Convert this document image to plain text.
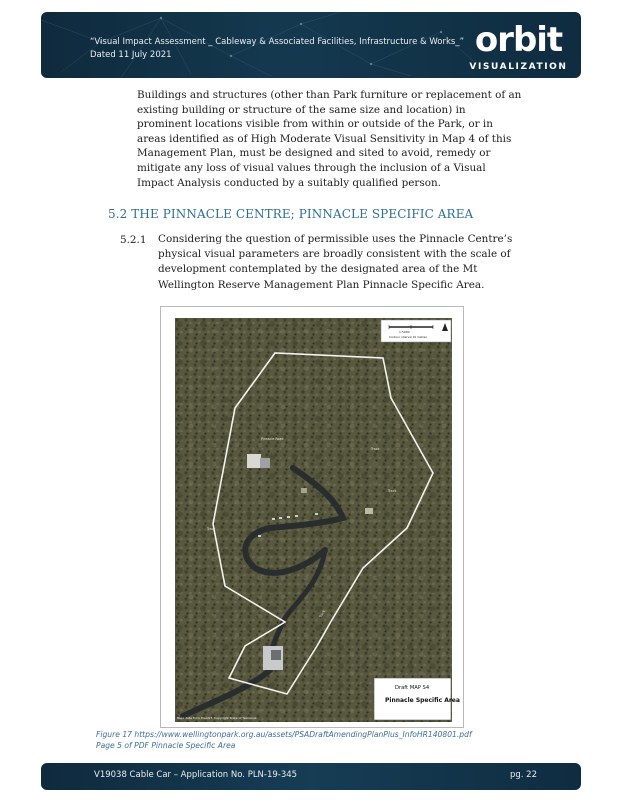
“Visual Impact Assessment _ Cableway & Associated Facilities, Infrastructure & Works_”
Dated 11 July 2021	orbit
VISUALIZATION
Buildings and structures (other than Park furniture or replacement of an existing building or structure of the same size and location) in prominent locations visible from within or outside of the Park, or in areas identified as of High Moderate Visual Sensitivity in Map 4 of this Management Plan, must be designed and sited to avoid, remedy or mitigate any loss of visual values through the inclusion of a Visual Impact Analysis conducted by a suitably qualified person.
5.2 THE PINNACLE CENTRE; PINNACLE SPECIFIC AREA
5.2.1 Considering the question of permissible uses the Pinnacle Centre’s physical visual parameters are broadly consistent with the scale of development contemplated by the designated area of the Mt Wellington Reserve Management Plan Pinnacle Specific Area.
Pinnacle Road
Track
Track
Track
Track
1:5000
Contour interval 10 metres
Draft MAP S4
Pinnacle Specific Area
Base data from theLIST, Copyright State of Tasmania
Figure 17 https://www.wellingtonpark.org.au/assets/PSADraftAmendingPlanPlus_InfoHR140801.pdf
Page 5 of PDF Pinnacle Specific Area
V19038 Cable Car – Application No. PLN-19-345	pg. 22
